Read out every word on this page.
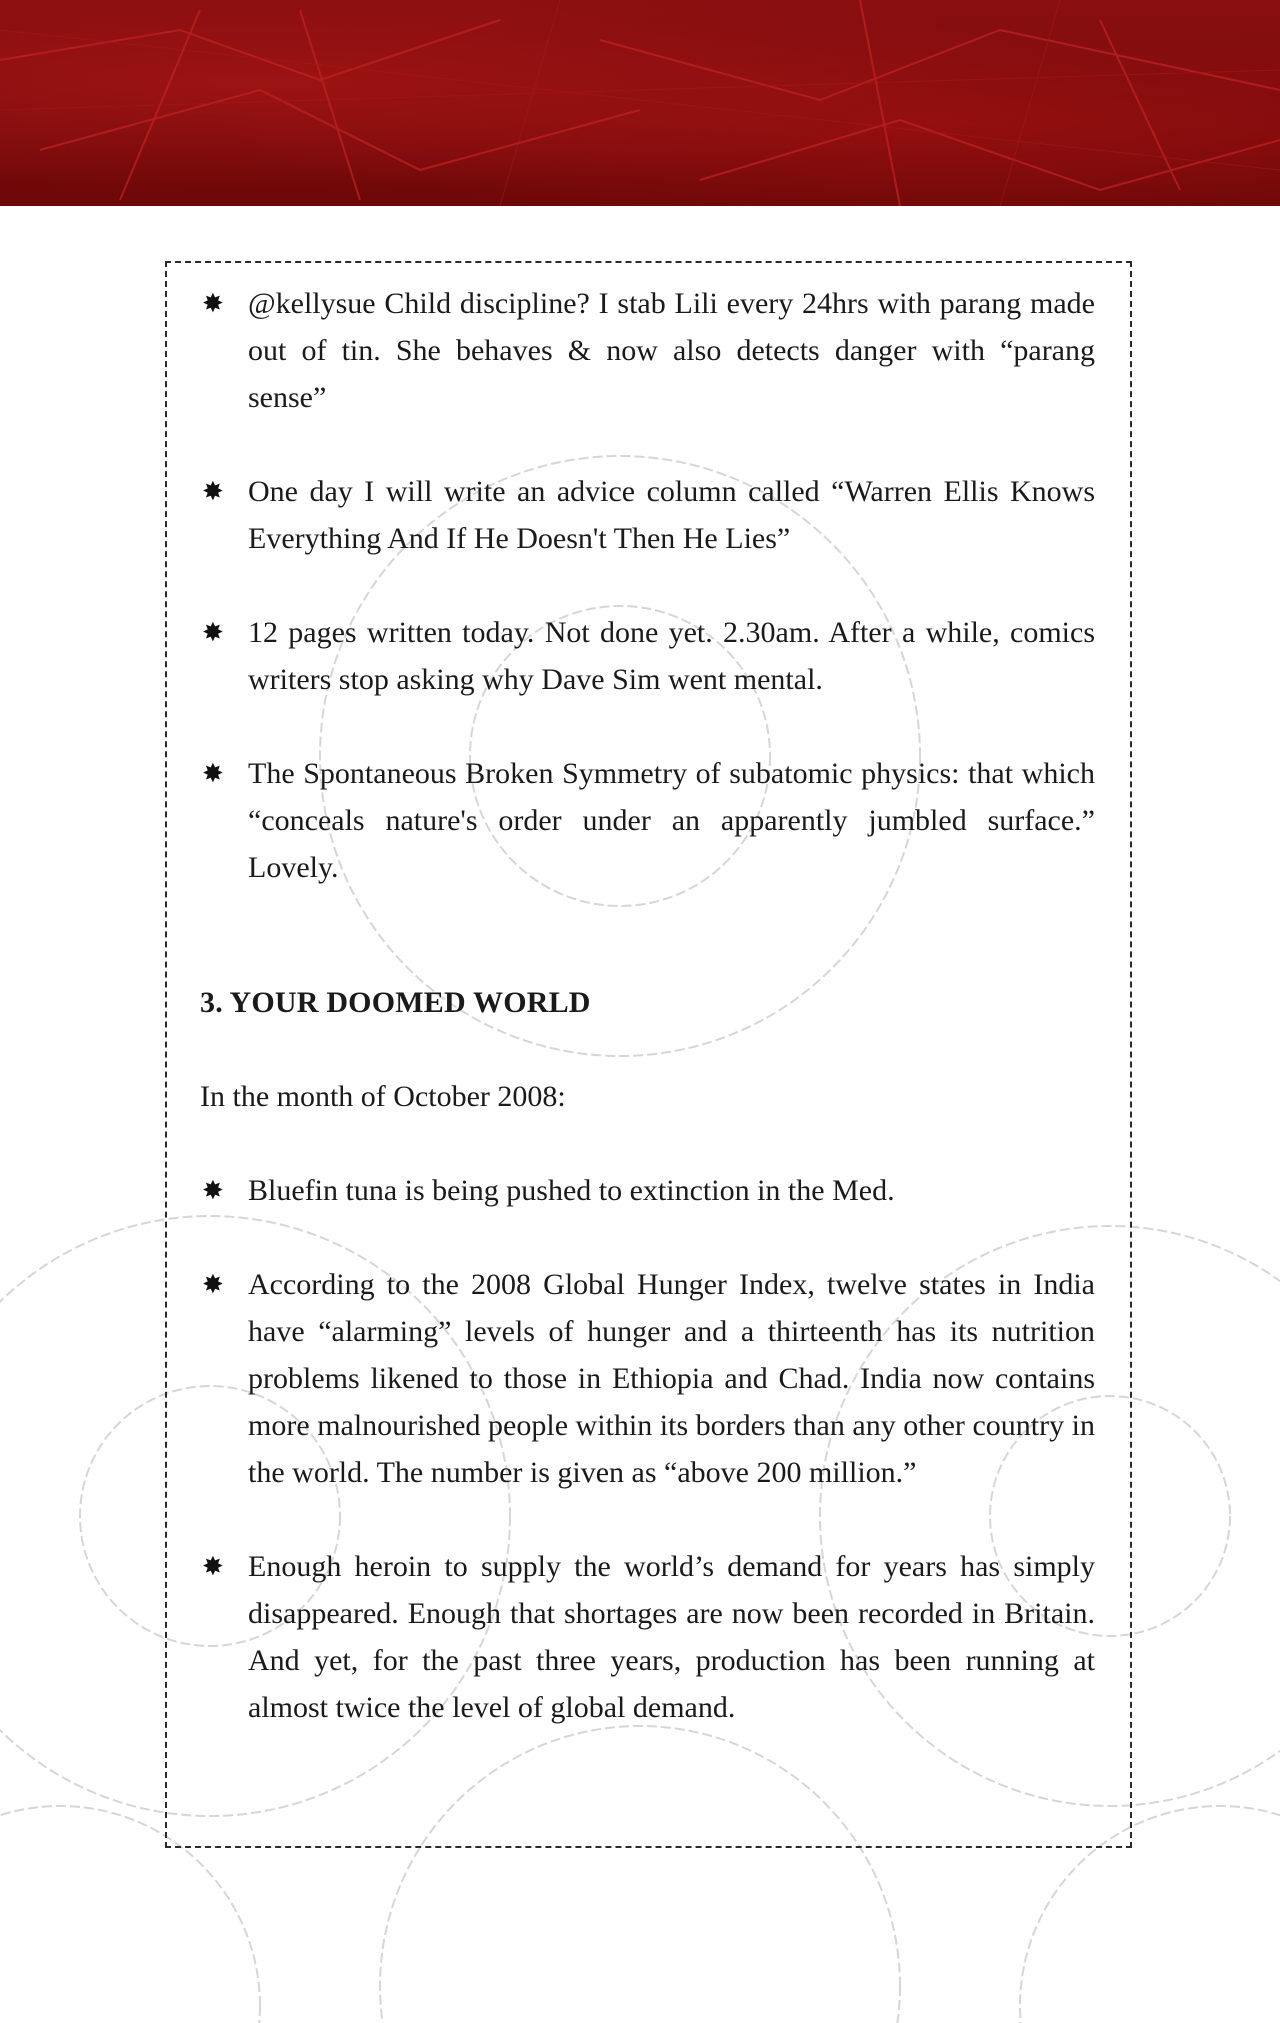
✸ @kellysue Child discipline? I stab Lili every 24hrs with parang made out of tin. She behaves & now also detects danger with “parang sense”
✸ One day I will write an advice column called “Warren Ellis Knows Everything And If He Doesn't Then He Lies”
✸ 12 pages written today. Not done yet. 2.30am. After a while, comics writers stop asking why Dave Sim went mental.
✸ The Spontaneous Broken Symmetry of subatomic physics: that which “conceals nature's order under an apparently jumbled surface.” Lovely.
3. YOUR DOOMED WORLD

In the month of October 2008:

✸ Bluefin tuna is being pushed to extinction in the Med.
✸ According to the 2008 Global Hunger Index, twelve states in India have “alarming” levels of hunger and a thirteenth has its nutrition problems likened to those in Ethiopia and Chad. India now contains more malnourished people within its borders than any other country in the world. The number is given as “above 200 million.”
✸ Enough heroin to supply the world’s demand for years has simply disappeared. Enough that shortages are now been recorded in Britain. And yet, for the past three years, production has been running at almost twice the level of global demand.
